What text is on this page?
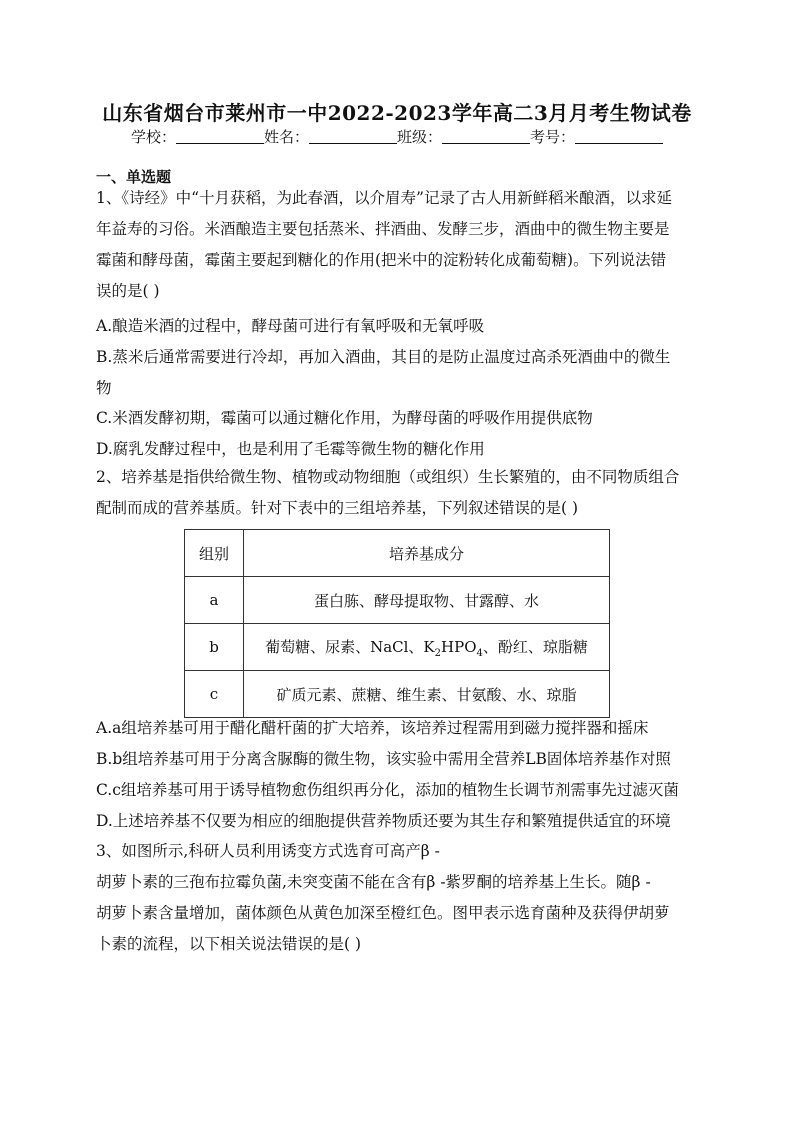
山东省烟台市莱州市一中2022-2023学年高二3月月考生物试卷
学校：	姓名：	班级：	考号：
一、单选题
1、《诗经》中“十月获稻，为此春酒，以介眉寿”记录了古人用新鲜稻米酿酒，以求延
年益寿的习俗。米酒酿造主要包括蒸米、拌酒曲、发酵三步，酒曲中的微生物主要是
霉菌和酵母菌，霉菌主要起到糖化的作用(把米中的淀粉转化成葡萄糖)。下列说法错
误的是( )
A.酿造米酒的过程中，酵母菌可进行有氧呼吸和无氧呼吸
B.蒸米后通常需要进行冷却，再加入酒曲，其目的是防止温度过高杀死酒曲中的微生
物
C.米酒发酵初期，霉菌可以通过糖化作用，为酵母菌的呼吸作用提供底物
D.腐乳发酵过程中，也是利用了毛霉等微生物的糖化作用
2、培养基是指供给微生物、植物或动物细胞（或组织）生长繁殖的，由不同物质组合
配制而成的营养基质。针对下表中的三组培养基，下列叙述错误的是( )
组别	培养基成分
a	蛋白胨、酵母提取物、甘露醇、水
b	葡萄糖、尿素、NaCl、$K_2HPO_4$、酚红、琼脂糖
c	矿质元素、蔗糖、维生素、甘氨酸、水、琼脂
A.a组培养基可用于醋化醋杆菌的扩大培养，该培养过程需用到磁力搅拌器和摇床
B.b组培养基可用于分离含脲酶的微生物，该实验中需用全营养LB固体培养基作对照
C.c组培养基可用于诱导植物愈伤组织再分化，添加的植物生长调节剂需事先过滤灭菌
D.上述培养基不仅要为相应的细胞提供营养物质还要为其生存和繁殖提供适宜的环境
3、如图所示,科研人员利用诱变方式选育可高产β -
胡萝卜素的三孢布拉霉负菌,未突变菌不能在含有β -紫罗酮的培养基上生长。随β -
胡萝卜素含量增加，菌体颜色从黄色加深至橙红色。图甲表示选育菌种及获得伊胡萝
卜素的流程，以下相关说法错误的是( )
